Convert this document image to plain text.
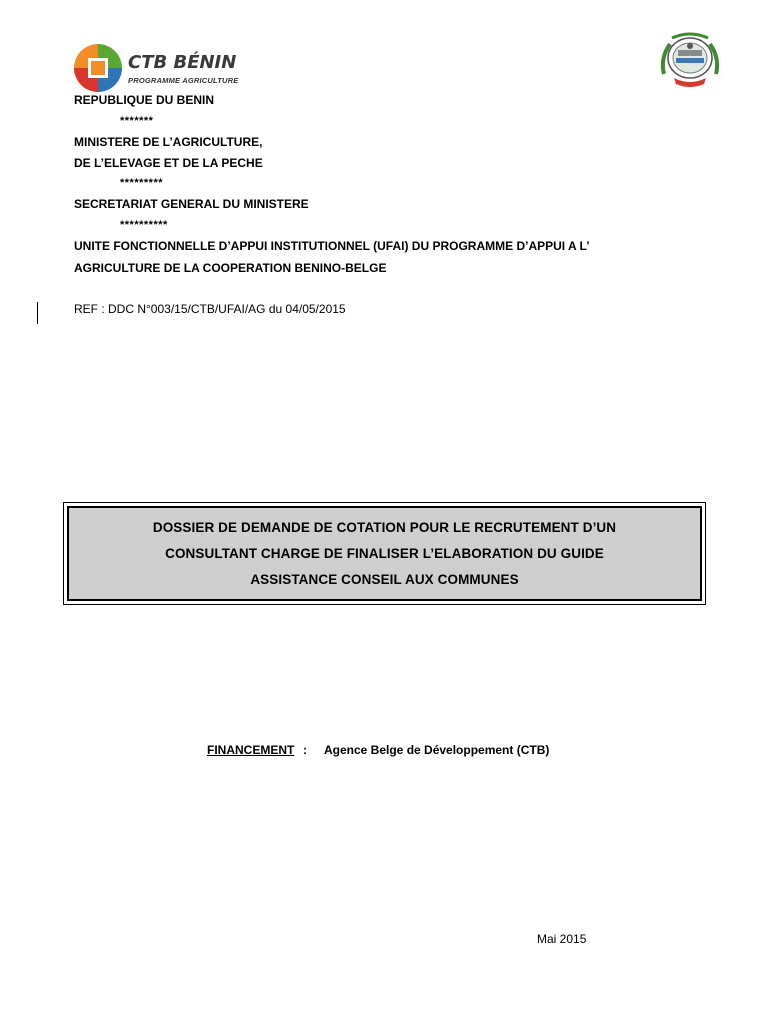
CTB BÉNIN
PROGRAMME AGRICULTURE
REPUBLIQUE DU BENIN
*******
MINISTERE DE L’AGRICULTURE,
DE L’ELEVAGE ET DE LA PECHE
*********
SECRETARIAT GENERAL DU MINISTERE
**********
UNITE FONCTIONNELLE D’APPUI INSTITUTIONNEL (UFAI) DU PROGRAMME D’APPUI A L’
AGRICULTURE DE LA COOPERATION BENINO-BELGE
REF : DDC N°003/15/CTB/UFAI/AG du 04/05/2015
DOSSIER DE DEMANDE DE COTATION POUR LE RECRUTEMENT D’UN
CONSULTANT CHARGE DE FINALISER L’ELABORATION DU GUIDE
ASSISTANCE CONSEIL AUX COMMUNES
FINANCEMENT : Agence Belge de Développement (CTB)
Mai 2015
